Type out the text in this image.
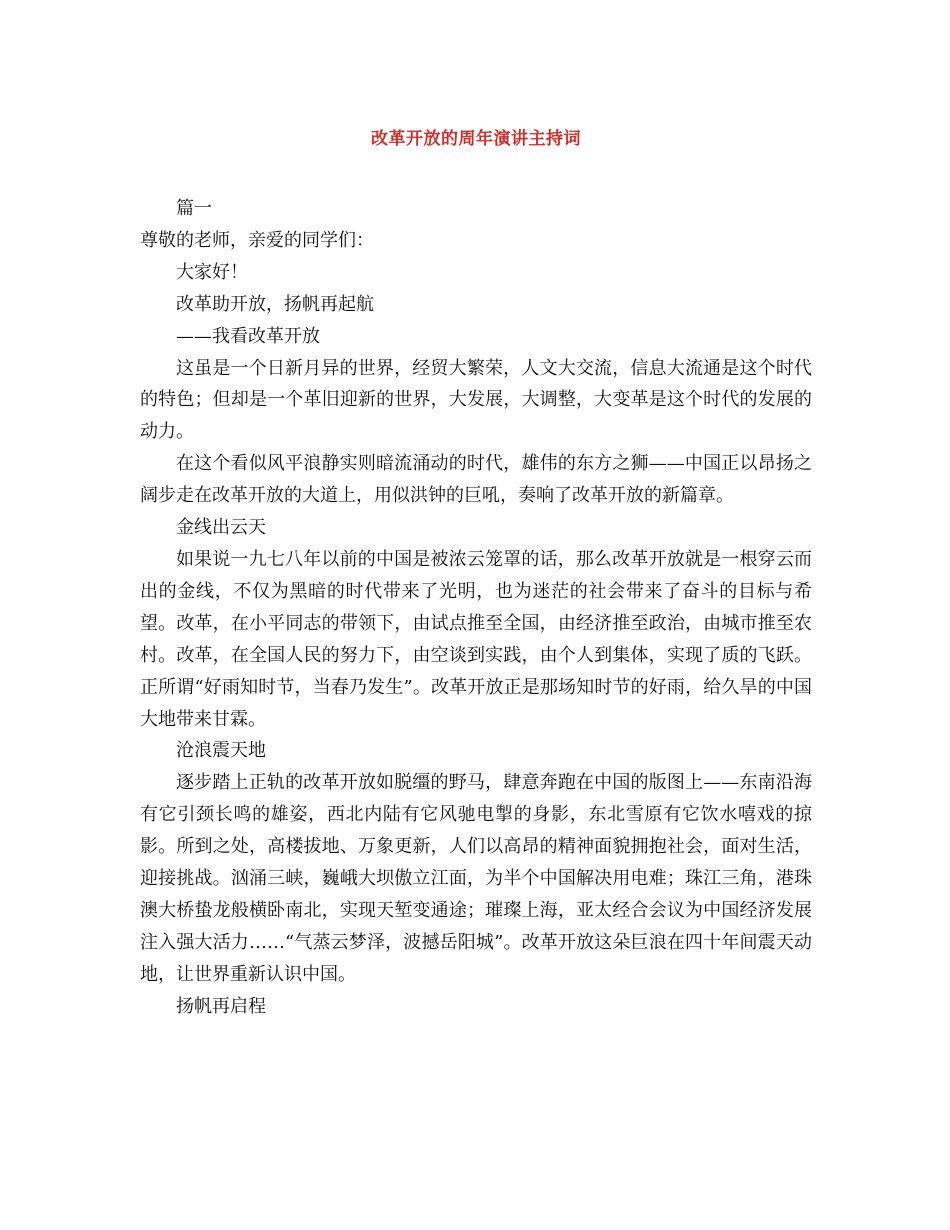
改革开放的周年演讲主持词

篇一

尊敬的老师，亲爱的同学们：

大家好！

改革助开放，扬帆再起航

——我看改革开放

这虽是一个日新月异的世界，经贸大繁荣，人文大交流，信息大流通是这个时代的特色；但却是一个革旧迎新的世界，大发展，大调整，大变革是这个时代的发展的动力。

在这个看似风平浪静实则暗流涌动的时代，雄伟的东方之狮——中国正以昂扬之阔步走在改革开放的大道上，用似洪钟的巨吼，奏响了改革开放的新篇章。

金线出云天

如果说一九七八年以前的中国是被浓云笼罩的话，那么改革开放就是一根穿云而出的金线，不仅为黑暗的时代带来了光明，也为迷茫的社会带来了奋斗的目标与希望。改革，在小平同志的带领下，由试点推至全国，由经济推至政治，由城市推至农村。改革，在全国人民的努力下，由空谈到实践，由个人到集体，实现了质的飞跃。正所谓“好雨知时节，当春乃发生”。改革开放正是那场知时节的好雨，给久旱的中国大地带来甘霖。

沧浪震天地

逐步踏上正轨的改革开放如脱缰的野马，肆意奔跑在中国的版图上——东南沿海有它引颈长鸣的雄姿，西北内陆有它风驰电掣的身影，东北雪原有它饮水嘻戏的掠影。所到之处，高楼拔地、万象更新，人们以高昂的精神面貌拥抱社会，面对生活，迎接挑战。汹涌三峡，巍峨大坝傲立江面，为半个中国解决用电难；珠江三角，港珠澳大桥蛰龙般横卧南北，实现天堑变通途；璀璨上海，亚太经合会议为中国经济发展注入强大活力……“气蒸云梦泽，波撼岳阳城”。改革开放这朵巨浪在四十年间震天动地，让世界重新认识中国。

扬帆再启程
